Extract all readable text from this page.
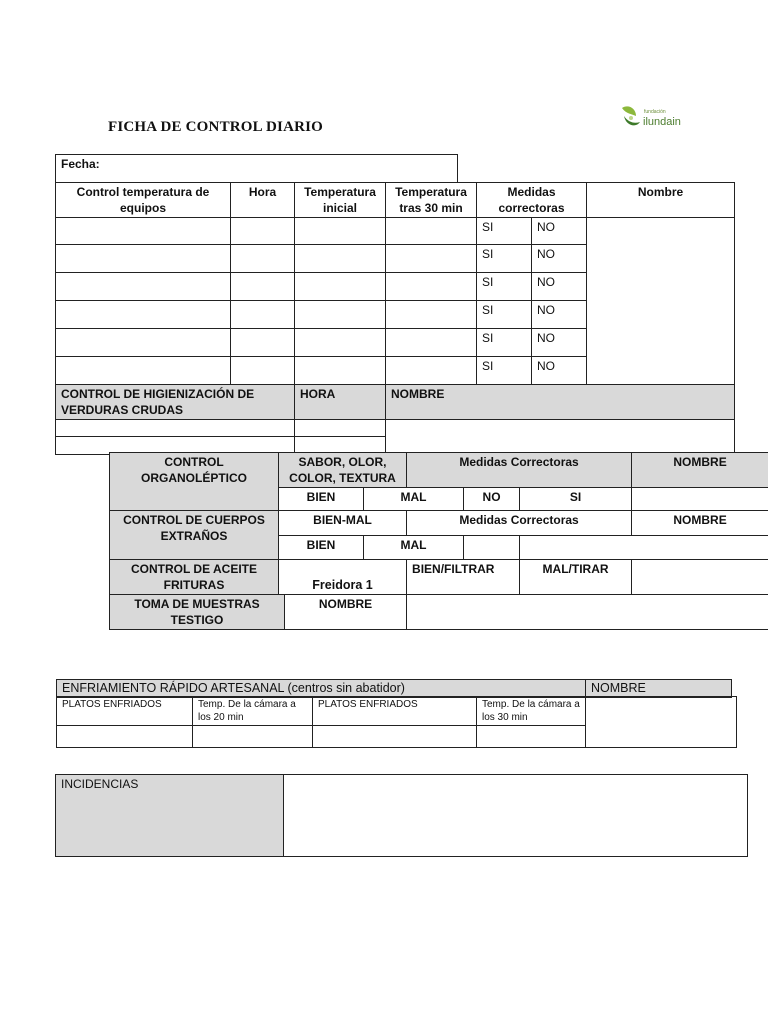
FICHA DE CONTROL DIARIO
fundación
ilundain
Fecha:
Control temperatura de equipos	Hora	Temperatura inicial	Temperatura tras 30 min	Medidas correctoras		Nombre
				SI	NO	
				SI	NO	
				SI	NO	
				SI	NO	
				SI	NO	
				SI	NO	
CONTROL DE HIGIENIZACIÓN DE VERDURAS CRUDAS		HORA	NOMBRE			

CONTROL ORGANOLÉPTICO	SABOR, OLOR, COLOR, TEXTURA			Medidas Correctoras			NOMBRE	
	BIEN		MAL		NO	SI		
CONTROL DE CUERPOS EXTRAÑOS	BIEN-MAL			Medidas Correctoras			NOMBRE	
	BIEN		MAL					
CONTROL DE ACEITE FRITURAS	Freidora 1			BIEN/FILTRAR		MAL/TIRAR		
TOMA DE MUESTRAS TESTIGO		NOMBRE						
ENFRIAMIENTO RÁPIDO ARTESANAL (centros sin abatidor)	NOMBRE
PLATOS ENFRIADOS	Temp. De la cámara a los 20 min	PLATOS ENFRIADOS	Temp. De la cámara a los 30 min	

INCIDENCIAS	
